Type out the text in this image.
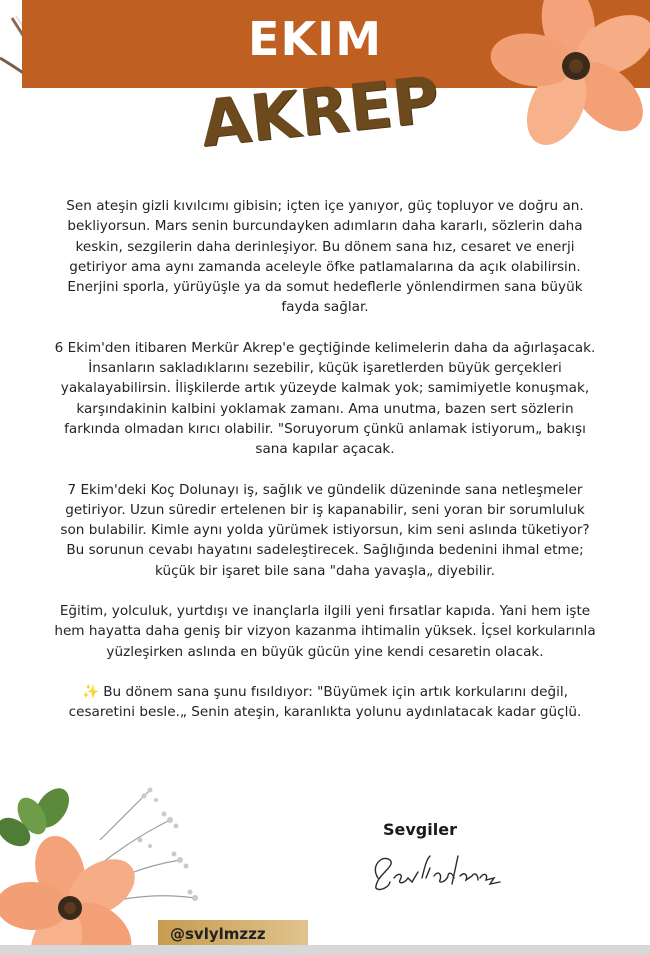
EKIM
AKREP

Sen ateşin gizli kıvılcımı gibisin; içten içe yanıyor, güç topluyor ve doğru an.
bekliyorsun. Mars senin burcundayken adımların daha kararlı, sözlerin daha
keskin, sezgilerin daha derinleşiyor. Bu dönem sana hız, cesaret ve enerji
getiriyor ama aynı zamanda aceleyle öfke patlamalarına da açık olabilirsin.
Enerjini sporla, yürüyüşle ya da somut hedeflerle yönlendirmen sana büyük
fayda sağlar.

6 Ekim'den itibaren Merkür Akrep'e geçtiğinde kelimelerin daha da ağırlaşacak.
İnsanların sakladıklarını sezebilir, küçük işaretlerden büyük gerçekleri
yakalayabilirsin. İlişkilerde artık yüzeyde kalmak yok; samimiyetle konuşmak,
karşındakinin kalbini yoklamak zamanı. Ama unutma, bazen sert sözlerin
farkında olmadan kırıcı olabilir. "Soruyorum çünkü anlamak istiyorum„ bakışı
sana kapılar açacak.

7 Ekim'deki Koç Dolunayı iş, sağlık ve gündelik düzeninde sana netleşmeler
getiriyor. Uzun süredir ertelenen bir iş kapanabilir, seni yoran bir sorumluluk
son bulabilir. Kimle aynı yolda yürümek istiyorsun, kim seni aslında tüketiyor?
Bu sorunun cevabı hayatını sadeleştirecek. Sağlığında bedenini ihmal etme;
küçük bir işaret bile sana "daha yavaşla„ diyebilir.

Eğitim, yolculuk, yurtdışı ve inançlarla ilgili yeni fırsatlar kapıda. Yani hem işte
hem hayatta daha geniş bir vizyon kazanma ihtimalin yüksek. İçsel korkularınla
yüzleşirken aslında en büyük gücün yine kendi cesaretin olacak.

✨ Bu dönem sana şunu fısıldıyor: "Büyümek için artık korkularını değil,
cesaretini besle.„ Senin ateşin, karanlıkta yolunu aydınlatacak kadar güçlü.

Sevgiler
@svlylmzzz
